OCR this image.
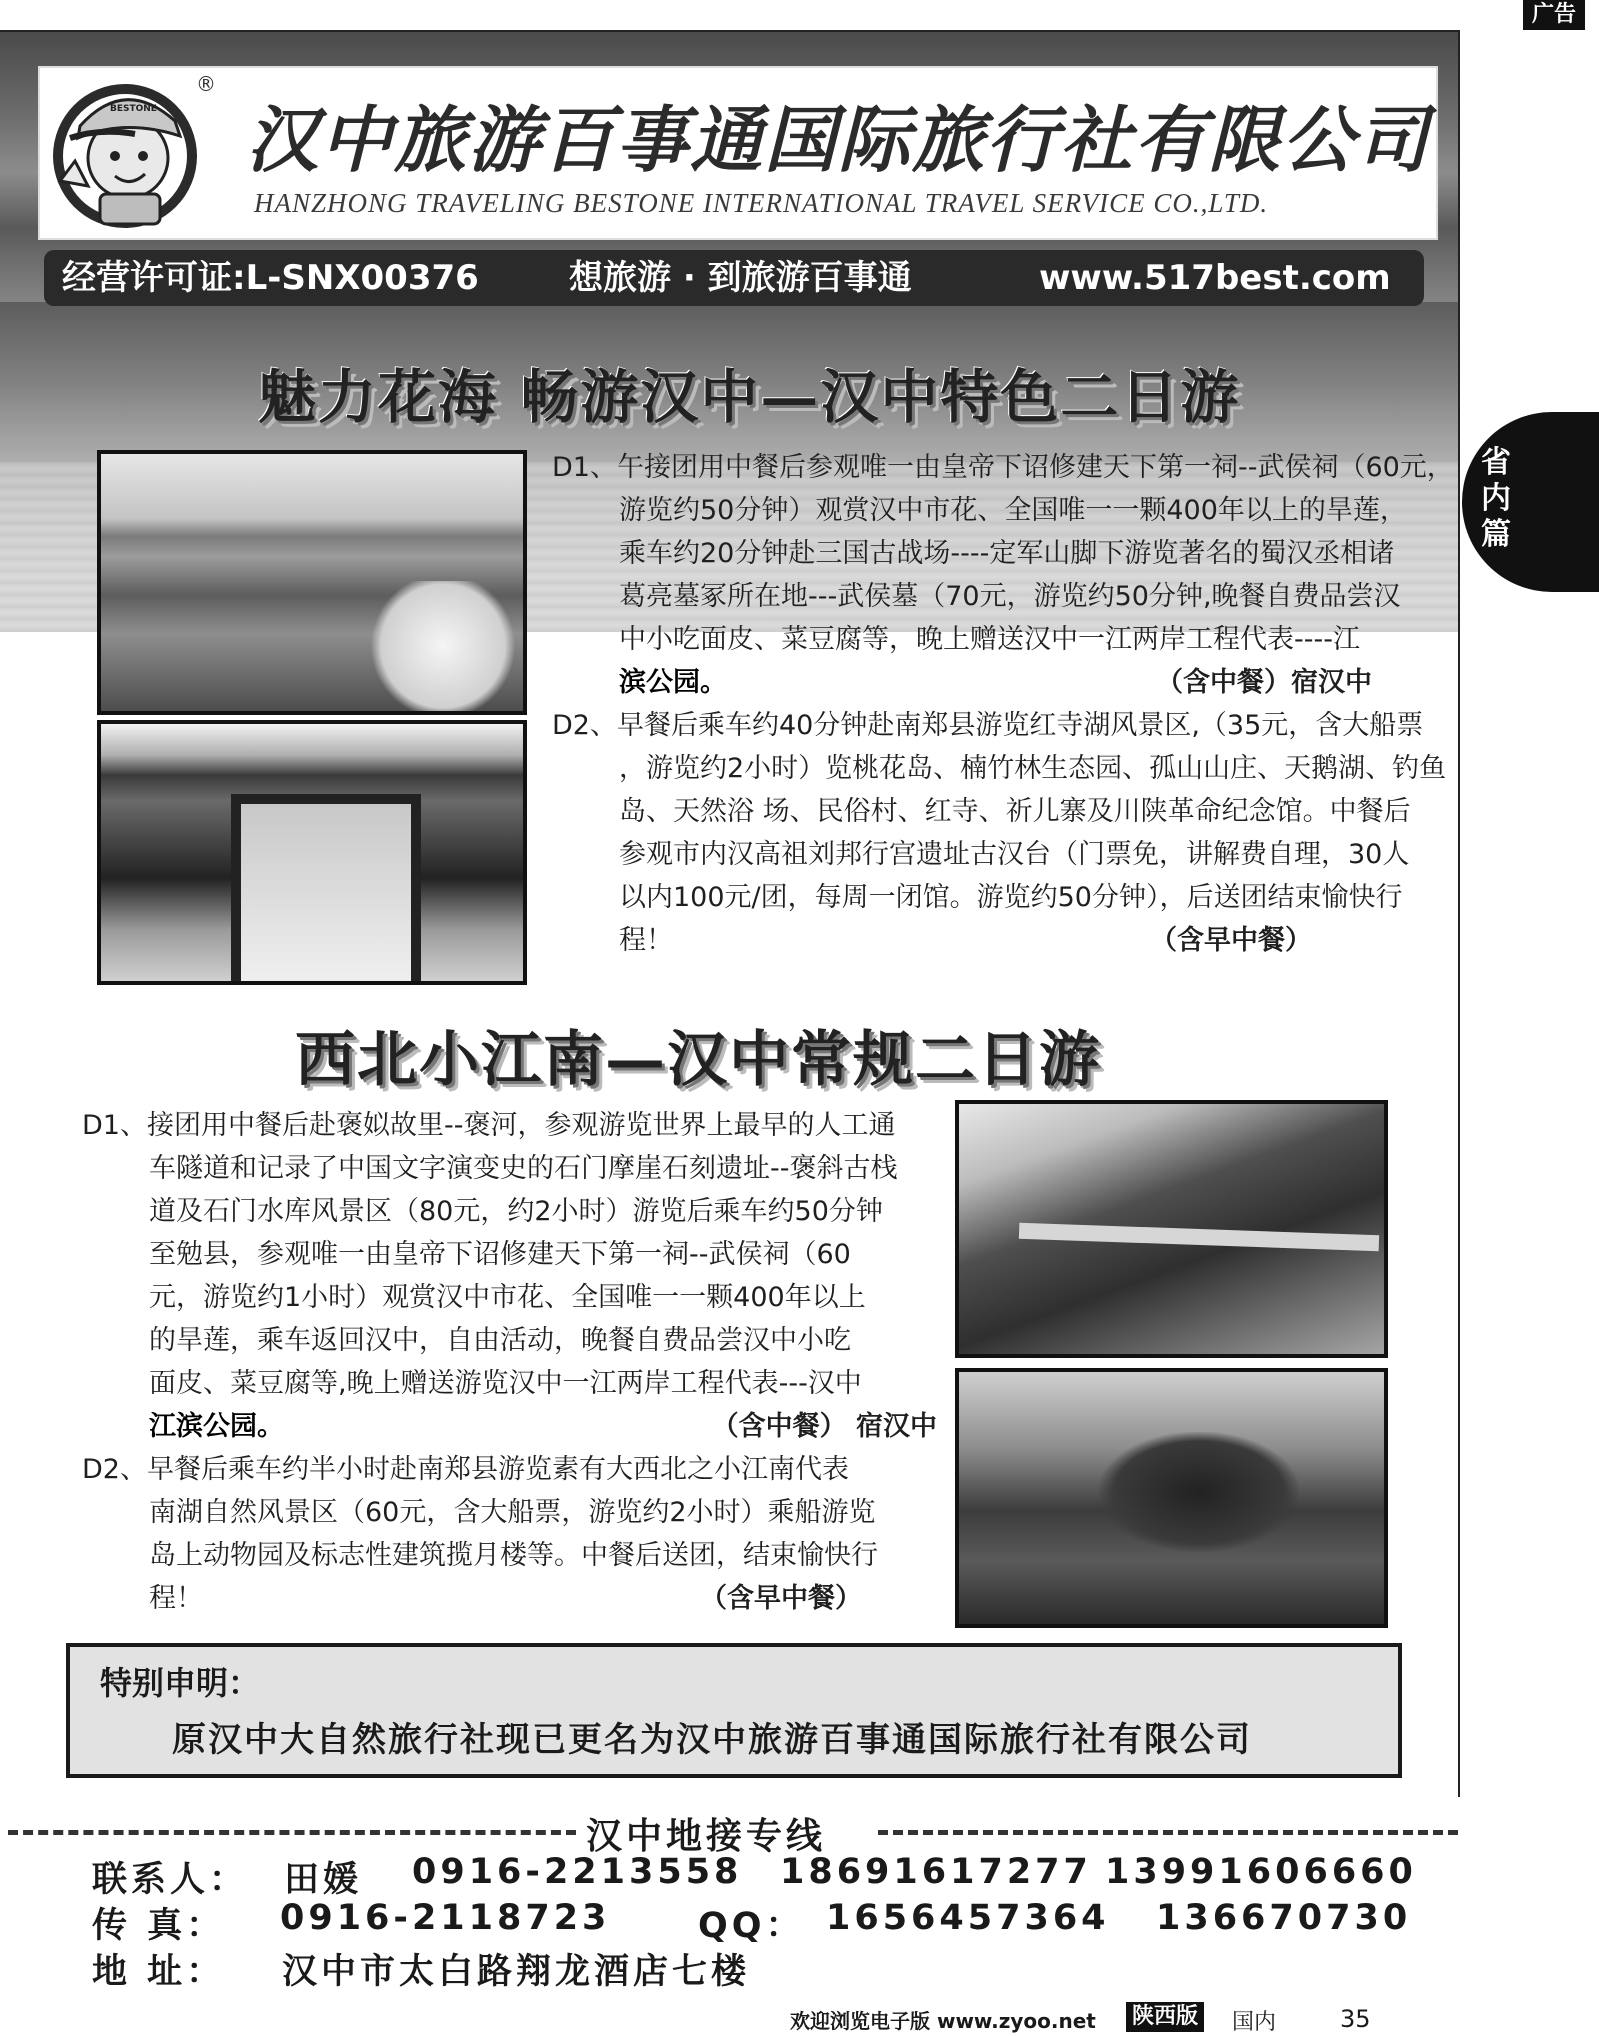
广告
BESTONE
®
汉中旅游百事通国际旅行社有限公司
HANZHONG TRAVELING BESTONE INTERNATIONAL TRAVEL SERVICE CO.,LTD.
经营许可证:L-SNX00376	想旅游 · 到旅游百事通	www.517best.com
魅力花海 畅游汉中—汉中特色二日游

D1、午接团用中餐后参观唯一由皇帝下诏修建天下第一祠--武侯祠（60元，

游览约50分钟）观赏汉中市花、全国唯一一颗400年以上的旱莲，

乘车约20分钟赴三国古战场----定军山脚下游览著名的蜀汉丞相诸

葛亮墓冢所在地---武侯墓（70元，游览约50分钟,晚餐自费品尝汉

中小吃面皮、菜豆腐等，晚上赠送汉中一江两岸工程代表----江

滨公园。	（含中餐）宿汉中

D2、早餐后乘车约40分钟赴南郑县游览红寺湖风景区,（35元，含大船票

，游览约2小时）览桃花岛、楠竹林生态园、孤山山庄、天鹅湖、钓鱼

岛、天然浴 场、民俗村、红寺、祈儿寨及川陕革命纪念馆。中餐后

参观市内汉高祖刘邦行宫遗址古汉台（门票免，讲解费自理，30人

以内100元/团，每周一闭馆。游览约50分钟），后送团结束愉快行

程！	（含早中餐）

西北小江南—汉中常规二日游

D1、接团用中餐后赴褒姒故里--褒河，参观游览世界上最早的人工通

车隧道和记录了中国文字演变史的石门摩崖石刻遗址--褒斜古栈

道及石门水库风景区（80元，约2小时）游览后乘车约50分钟

至勉县，参观唯一由皇帝下诏修建天下第一祠--武侯祠（60

元，游览约1小时）观赏汉中市花、全国唯一一颗400年以上

的旱莲，乘车返回汉中，自由活动，晚餐自费品尝汉中小吃

面皮、菜豆腐等,晚上赠送游览汉中一江两岸工程代表---汉中

江滨公园。	（含中餐） 宿汉中

D2、早餐后乘车约半小时赴南郑县游览素有大西北之小江南代表

南湖自然风景区（60元，含大船票，游览约2小时）乘船游览

岛上动物园及标志性建筑揽月楼等。中餐后送团，结束愉快行

程！	（含早中餐）

省内篇
特别申明：
原汉中大自然旅行社现已更名为汉中旅游百事通国际旅行社有限公司
汉中地接专线
联系人： 田媛 0916-2213558 18691617277 13991606660
传 真： 0916-2118723	QQ： 1656457364 136670730
地 址： 汉中市太白路翔龙酒店七楼
欢迎浏览电子版 www.zyoo.net 陕西版 国内	35
